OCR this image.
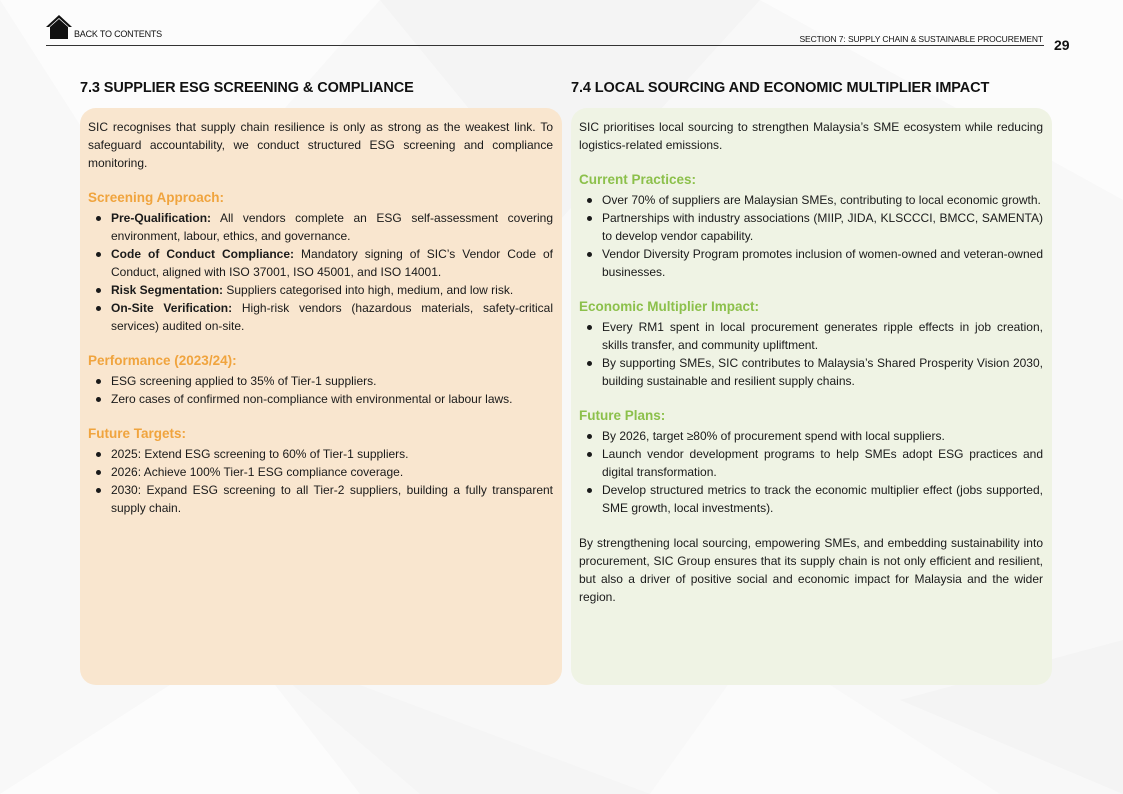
BACK TO CONTENTS	SECTION 7: SUPPLY CHAIN & SUSTAINABLE PROCUREMENT 29
7.3 SUPPLIER ESG SCREENING & COMPLIANCE	7.4 LOCAL SOURCING AND ECONOMIC MULTIPLIER IMPACT

SIC recognises that supply chain resilience is only as strong as the weakest link. To safeguard accountability, we conduct structured ESG screening and compliance monitoring.

Screening Approach:
Pre-Qualification: All vendors complete an ESG self-assessment covering environment, labour, ethics, and governance.
Code of Conduct Compliance: Mandatory signing of SIC’s Vendor Code of Conduct, aligned with ISO 37001, ISO 45001, and ISO 14001.
Risk Segmentation: Suppliers categorised into high, medium, and low risk.
On-Site Verification: High-risk vendors (hazardous materials, safety-critical services) audited on-site.
Performance (2023/24):
ESG screening applied to 35% of Tier-1 suppliers.
Zero cases of confirmed non-compliance with environmental or labour laws.
Future Targets:
2025: Extend ESG screening to 60% of Tier-1 suppliers.
2026: Achieve 100% Tier-1 ESG compliance coverage.
2030: Expand ESG screening to all Tier-2 suppliers, building a fully transparent supply chain.

SIC prioritises local sourcing to strengthen Malaysia’s SME ecosystem while reducing logistics-related emissions.

Current Practices:
Over 70% of suppliers are Malaysian SMEs, contributing to local economic growth.
Partnerships with industry associations (MIIP, JIDA, KLSCCCI, BMCC, SAMENTA) to develop vendor capability.
Vendor Diversity Program promotes inclusion of women-owned and veteran-owned businesses.
Economic Multiplier Impact:
Every RM1 spent in local procurement generates ripple effects in job creation, skills transfer, and community upliftment.
By supporting SMEs, SIC contributes to Malaysia’s Shared Prosperity Vision 2030, building sustainable and resilient supply chains.
Future Plans:
By 2026, target ≥80% of procurement spend with local suppliers.
Launch vendor development programs to help SMEs adopt ESG practices and digital transformation.
Develop structured metrics to track the economic multiplier effect (jobs supported, SME growth, local investments).

By strengthening local sourcing, empowering SMEs, and embedding sustainability into procurement, SIC Group ensures that its supply chain is not only efficient and resilient, but also a driver of positive social and economic impact for Malaysia and the wider region.
